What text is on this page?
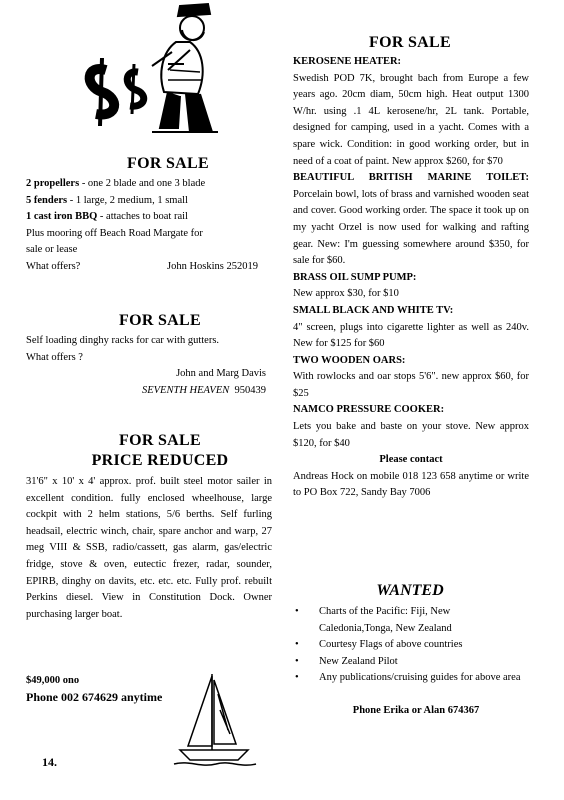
FOR SALE

2 propellers - one 2 blade and one 3 blade

5 fenders - 1 large, 2 medium, 1 small

1 cast iron BBQ - attaches to boat rail

Plus mooring off Beach Road Margate for

sale or lease

What offers?	John Hoskins 252019

FOR SALE

Self loading dinghy racks for car with gutters.

What offers ?

John and Marg Davis

SEVENTH HEAVEN 950439

FOR SALE
PRICE REDUCED
31'6" x 10' x 4' approx. prof. built steel motor sailer in excellent condition. fully enclosed wheelhouse, large cockpit with 2 helm stations, 5/6 berths. Self furling headsail, electric winch, chair, spare anchor and warp, 27 meg VIII & SSB, radio/cassett, gas alarm, gas/electric fridge, stove & oven, eutectic frezer, radar, sounder, EPIRB, dinghy on davits, etc. etc. etc. Fully prof. rebuilt Perkins diesel. View in Constitution Dock. Owner purchasing larger boat.
$49,000 ono
Phone 002 674629 anytime
14.
FOR SALE

KEROSENE HEATER:

Swedish POD 7K, brought bach from Europe a few years ago. 20cm diam, 50cm high. Heat output 1300 W/hr. using .1 4L kerosene/hr, 2L tank. Portable, designed for camping, used in a yacht. Comes with a spare wick. Condition: in good working order, but in need of a coat of paint. New approx $260, for $70

BEAUTIFUL BRITISH MARINE TOILET:

Porcelain bowl, lots of brass and varnished wooden seat and cover. Good working order. The space it took up on my yacht Orzel is now used for walking and rafting gear. New: I'm guessing somewhere around $350, for sale for $60.

BRASS OIL SUMP PUMP:

New approx $30, for $10

SMALL BLACK AND WHITE TV:

4" screen, plugs into cigarette lighter as well as 240v. New for $125 for $60

TWO WOODEN OARS:

With rowlocks and oar stops 5'6". new approx $60, for $25

NAMCO PRESSURE COOKER:

Lets you bake and baste on your stove. New approx $120, for $40

Please contact

Andreas Hock on mobile 018 123 658 anytime or write to PO Box 722, Sandy Bay 7006

WANTED
• Charts of the Pacific: Fiji, New Caledonia,Tonga, New Zealand
• Courtesy Flags of above countries
• New Zealand Pilot
• Any publications/cruising guides for above area
Phone Erika or Alan 674367
